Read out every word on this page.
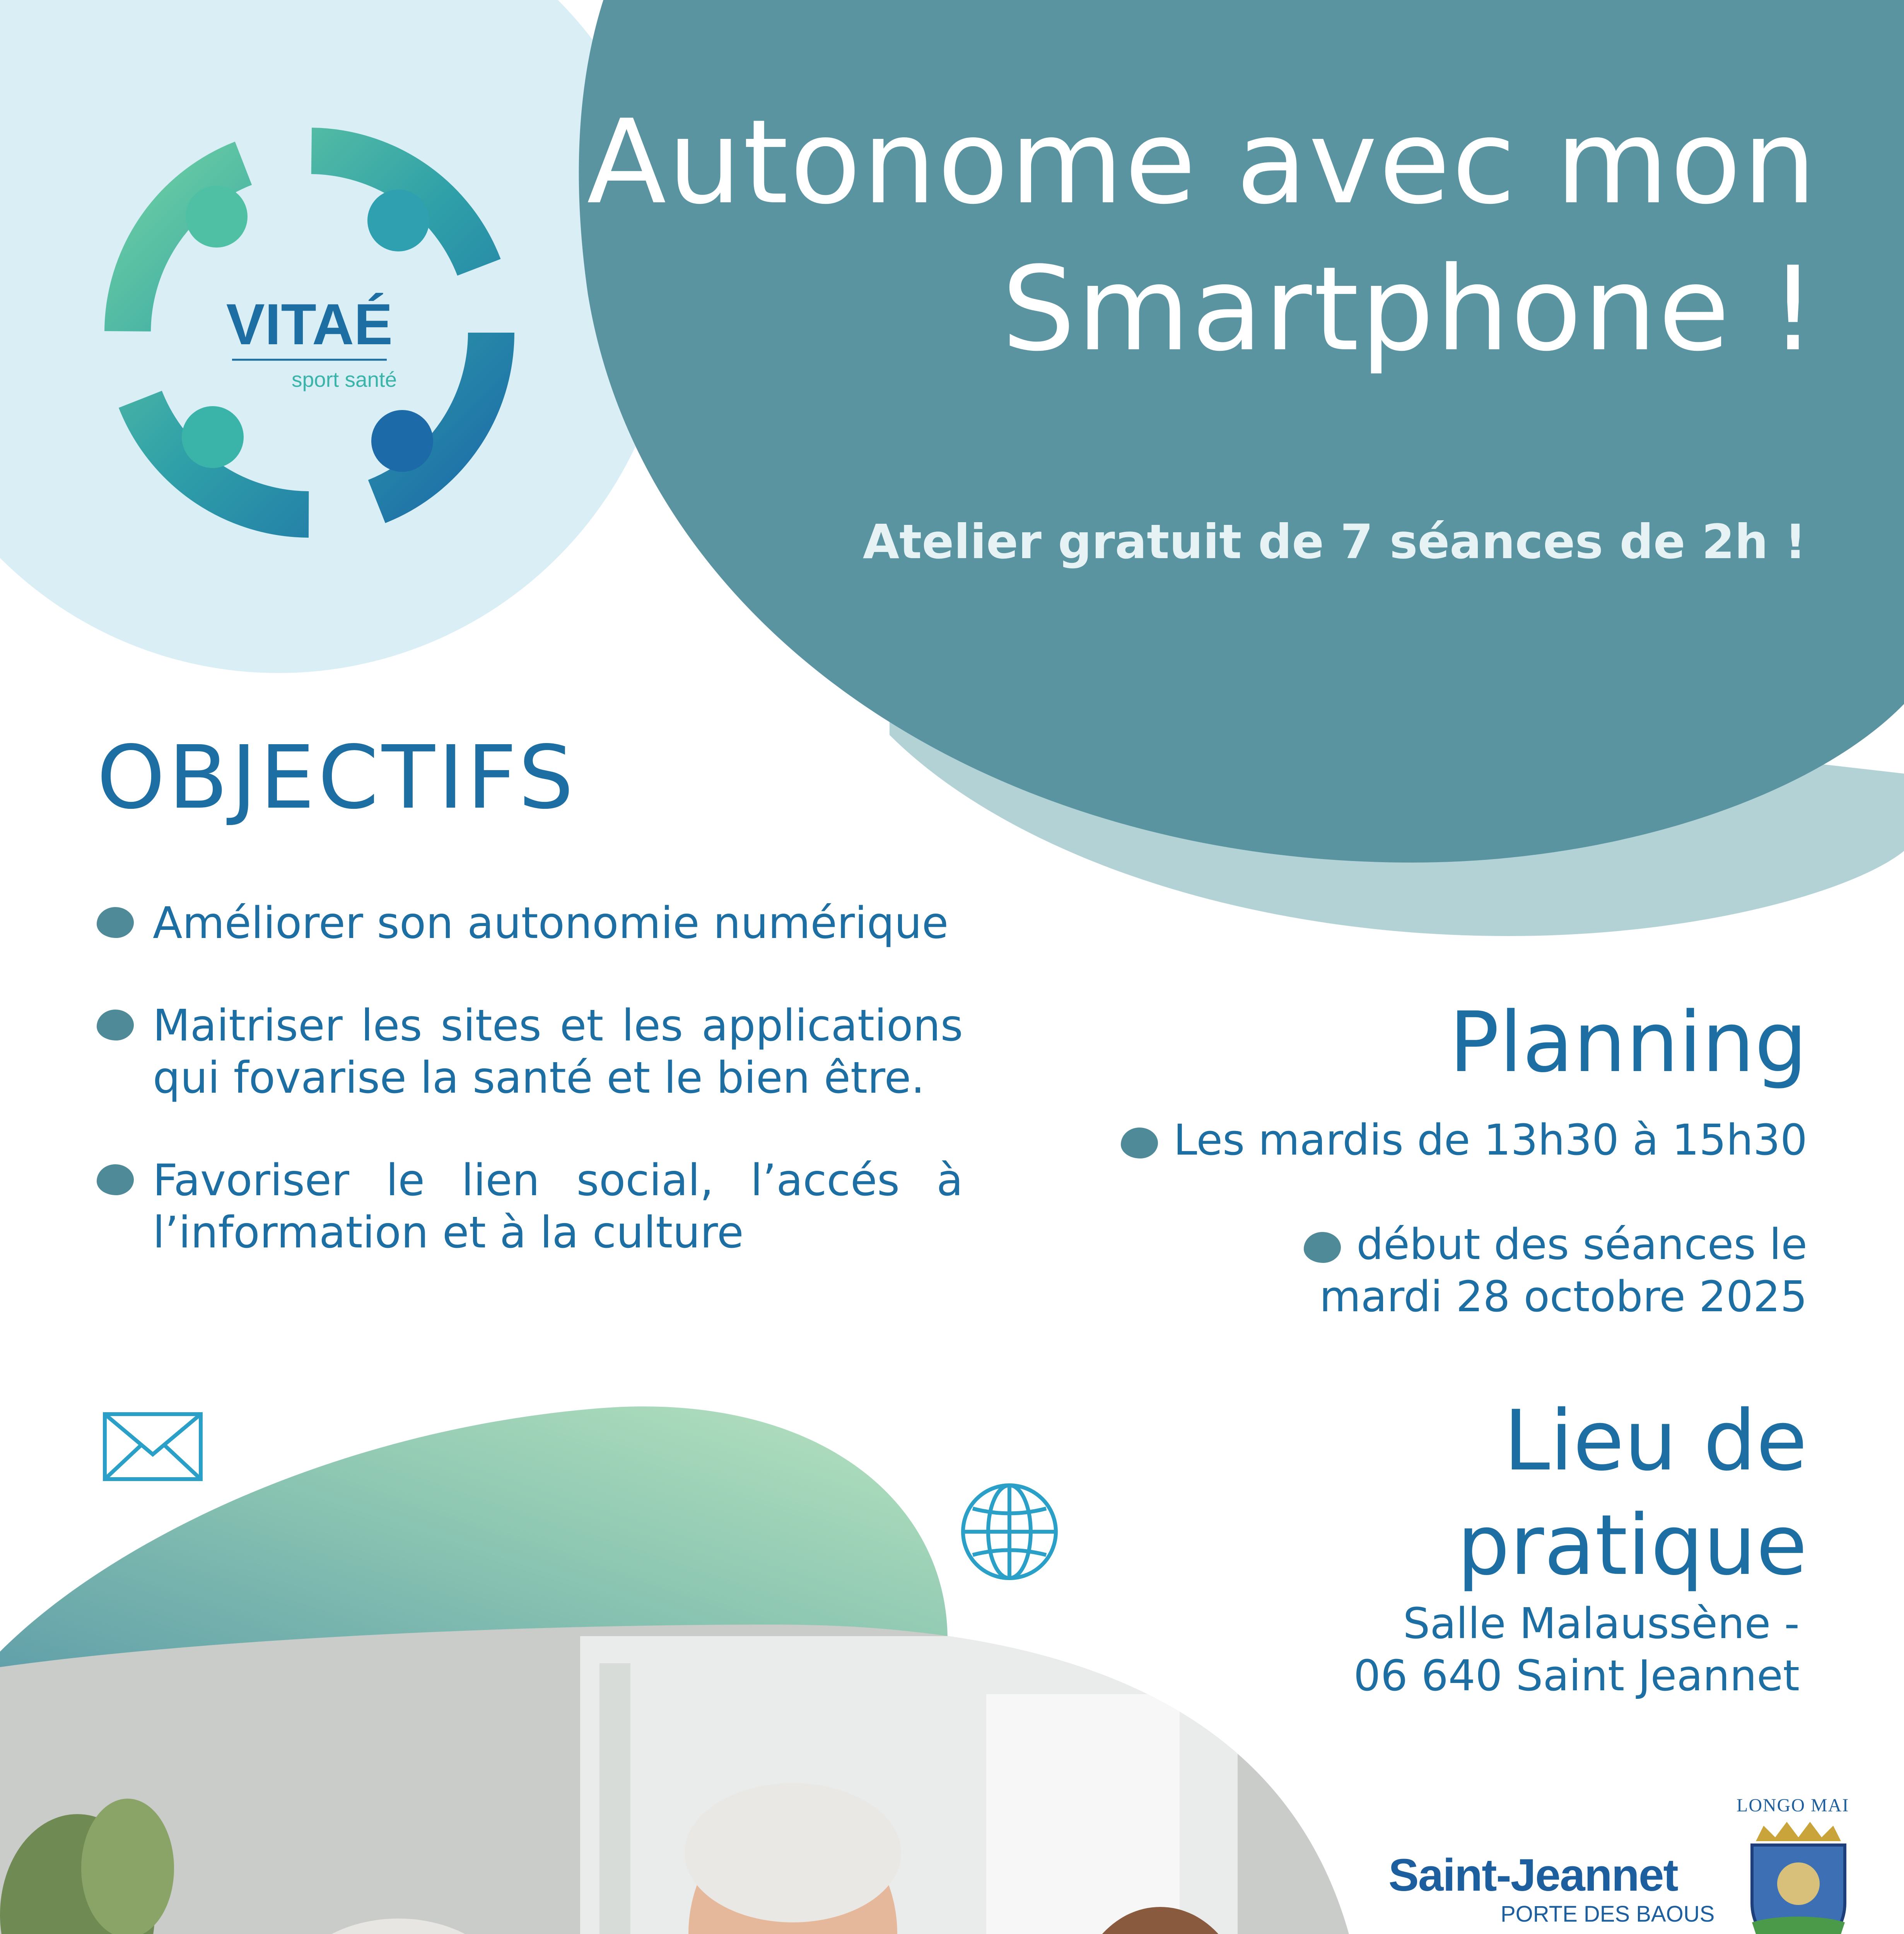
VITAÉ
sport santé
Autonome avec mon
Smartphone !
Atelier gratuit de 7 séances de 2h !
OBJECTIFS
Améliorer son autonomie numérique
Maitriser les sites et les applications qui fovarise la santé et le bien être.
Favoriser le lien social, l’accés à l’information et à la culture
Planning
Les mardis de 13h30 à 15h30
début des séances le
mardi 28 octobre 2025
Lieu de
pratique
Salle Malaussène -
06 640 Saint Jeannet
LONGO MAI
Saint-Jeannet
PORTE DES BAOUS
